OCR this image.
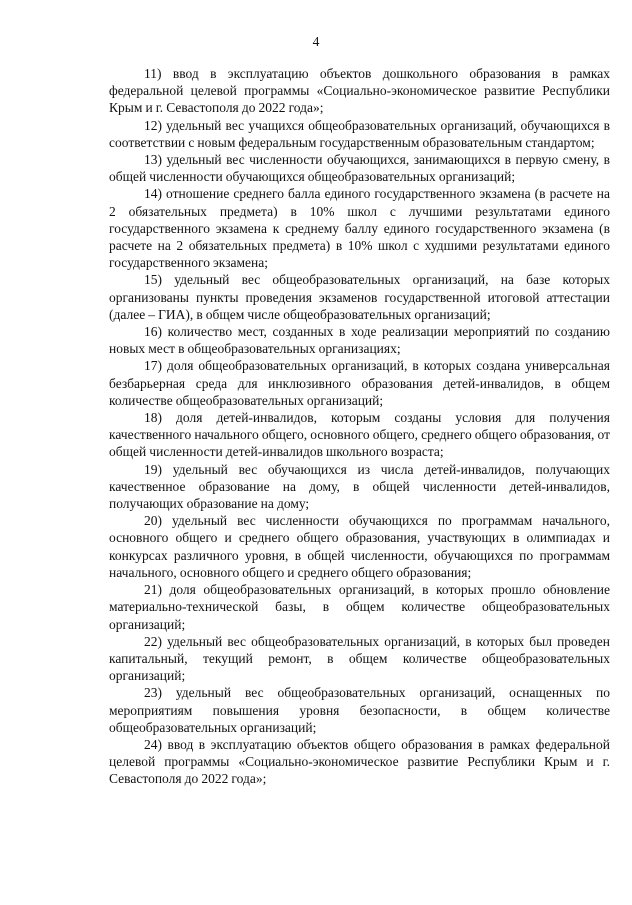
4

11) ввод в эксплуатацию объектов дошкольного образования в рамках федеральной целевой программы «Социально-экономическое развитие Республики Крым и г. Севастополя до 2022 года»;

12) удельный вес учащихся общеобразовательных организаций, обучающихся в соответствии с новым федеральным государственным образовательным стандартом;

13) удельный вес численности обучающихся, занимающихся в первую смену, в общей численности обучающихся общеобразовательных организаций;

14) отношение среднего балла единого государственного экзамена (в расчете на 2 обязательных предмета) в 10% школ с лучшими результатами единого государственного экзамена к среднему баллу единого государственного экзамена (в расчете на 2 обязательных предмета) в 10% школ с худшими результатами единого государственного экзамена;

15) удельный вес общеобразовательных организаций, на базе которых организованы пункты проведения экзаменов государственной итоговой аттестации (далее – ГИА), в общем числе общеобразовательных организаций;

16) количество мест, созданных в ходе реализации мероприятий по созданию новых мест в общеобразовательных организациях;

17) доля общеобразовательных организаций, в которых создана универсальная безбарьерная среда для инклюзивного образования детей-инвалидов, в общем количестве общеобразовательных организаций;

18) доля детей-инвалидов, которым созданы условия для получения качественного начального общего, основного общего, среднего общего образования, от общей численности детей-инвалидов школьного возраста;

19) удельный вес обучающихся из числа детей-инвалидов, получающих качественное образование на дому, в общей численности детей-инвалидов, получающих образование на дому;

20) удельный вес численности обучающихся по программам начального, основного общего и среднего общего образования, участвующих в олимпиадах и конкурсах различного уровня, в общей численности, обучающихся по программам начального, основного общего и среднего общего образования;

21) доля общеобразовательных организаций, в которых прошло обновление материально-технической базы, в общем количестве общеобразовательных организаций;

22) удельный вес общеобразовательных организаций, в которых был проведен капитальный, текущий ремонт, в общем количестве общеобразовательных организаций;

23) удельный вес общеобразовательных организаций, оснащенных по мероприятиям повышения уровня безопасности, в общем количестве общеобразовательных организаций;

24) ввод в эксплуатацию объектов общего образования в рамках федеральной целевой программы «Социально-экономическое развитие Республики Крым и г. Севастополя до 2022 года»;
